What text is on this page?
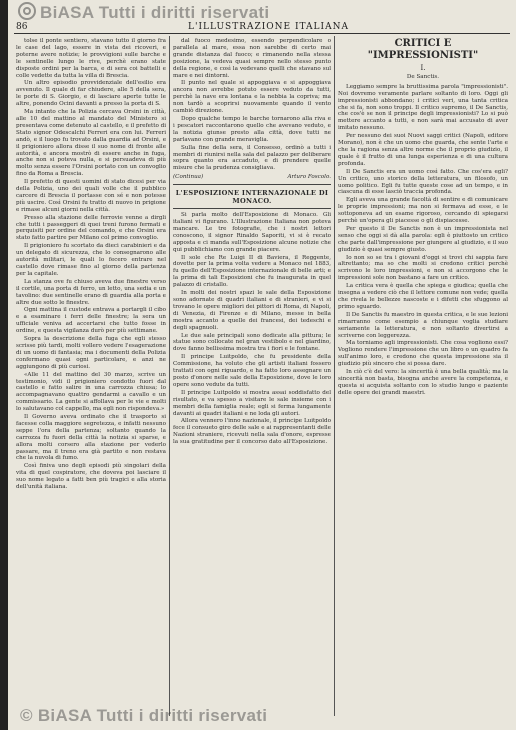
BiASA Tutti i diritti riservati
86	L'ILLUSTRAZIONE ITALIANA

tolse il ponte sentiero, stavano tutto il giorno fra le case del lago, essere in vista dei ricoveri, e poterne avere notizie; le provvigioni sulle barche e le sentinelle lungo le rive, perchè erano state disposte ordini per la barca, e di sera coi battelli e colle vedette da tutta la villa di Brescia.

Un altro episodio provvidenziale dell'esilio era avvenuto. Il quale di far chiudere, alle 5 della sera, le porte di S. Giorgio, e di lasciare aperte tutte le altre, ponendo Ocini davanti a presso la porta di S.

Ma intanto che la Polizia cercava Orsini in città, alle 10 del mattino al mandato del Ministero si presentava come detenuto al castello, e il prefetto di Stato signor Odescalchi Ferreri era con lui. Ferreri andò, e il luogo fu trovato dalla guardia ad Orsini, e il prigioniero allora disse il suo nome di fronte alle autorità, e ancora mostrò di essere anche in fuga, anche non si poteva nulla, e si persuadeva di più molto senza essere l'Orsini portato con un convoglio fino da Roma a Brescia.

Il prefetto di questi uomini di stato dicesi per via della Polizia, uno dei quali volle che il pubblico carcere di Brescia il portasse con sé e non potesse più uscire. Così Orsini fu tratto di nuovo in prigione e rimase alcuni giorni nella città.

Presso alla stazione delle ferrovie venne a dirgli che tutti i passeggeri di quei treni furono fermati e perquisiti per ordine del comando, e che Orsini era stato fatto partire per Milano col primo convoglio.

Il prigioniero fu scortato da dieci carabinieri e da un delegato di sicurezza, che lo consegnarono alle autorità militari, le quali lo fecero entrare nel castello dove rimase fino al giorno della partenza per la capitale.

La stanza ove fu chiuso aveva due finestre verso il cortile, una porta di ferro, un letto, una sedia e un tavolino: due sentinelle erano di guardia alla porta e altre due sotto le finestre.

Ogni mattina il custode entrava a portargli il cibo e a esaminare i ferri delle finestre; la sera un ufficiale veniva ad accertarsi che tutto fosse in ordine, e questa vigilanza durò per più settimane.

Sopra la descrizione della fuga che egli stesso scrisse più tardi, molti vollero vedere l'esagerazione di un uomo di fantasia; ma i documenti della Polizia confermano quasi ogni particolare, e anzi ne aggiungono di più curiosi.

«Alle 11 del mattino del 30 marzo, scrive un testimonio, vidi il prigioniero condotto fuori dal castello e fatto salire in una carrozza chiusa; lo accompagnavano quattro gendarmi a cavallo e un commissario. La gente si affollava per le vie e molti lo salutavano col cappello, ma egli non rispondeva.»

Il Governo aveva ordinato che il trasporto si facesse colla maggiore segretezza, e infatti nessuno seppe l'ora della partenza; soltanto quando la carrozza fu fuori della città la notizia si sparse, e allora molti corsero alla stazione per vederlo passare, ma il treno era già partito e non restava che la nuvola di fumo.

Così finiva uno degli episodi più singolari della vita di quel cospiratore, che doveva poi lasciare il suo nome legato a fatti ben più tragici e alla storia dell'unità italiana.

dal fuoco medesimo, essendo perpendicolare o parallela al mare, essa non sarebbe di certo mai grande distanza dal fuoco; e rimanendo nella stessa posizione, la vedeva quasi sempre nello stesso punto della regione, e così la vedevano quelli che stavano sul mare e nei dintorni.

Il punto nel quale si appoggiava e si appoggiava ancora non avrebbe potuto essere veduto da tutti, perchè la nave era lontana e la nebbia la copriva; ma non tardò a scoprirsi nuovamente quando il vento cambiò direzione.

Dopo qualche tempo le barche tornarono alla riva e i pescatori raccontarono quello che avevano veduto, e la notizia giunse presto alla città, dove tutti ne parlavano con grande meraviglia.

Sulla fine della sera, il Consesso, ordinò a tutti i membri di riunirsi nella sala del palazzo per deliberare sopra quanto era accaduto, e di prendere quelle misure che la prudenza consigliava.

(Continua)	Arturo Foscolo.
L'ESPOSIZIONE INTERNAZIONALE DI MONACO.

Si parla molto dell'Esposizione di Monaco. Gli italiani vi figurano. L'Illustrazione Italiana non poteva mancare. Le tre fotografie, che i nostri lettori conoscono, il signor Rinaldo Saporiti, vi si è recato apposta e ci manda sull'Esposizione alcune notizie che qui pubblichiamo con grande piacere.

Il sole che Re Luigi II di Baviera, il Reggente, dovette per la prima volta vedere a Monaco nel 1883, fu quello dell'Esposizione internazionale di belle arti; e la prima di tali Esposizioni che fu inaugurata in quel palazzo di cristallo.

In molti dei nostri spazi le sale della Esposizione sono adornate di quadri italiani e di stranieri, e vi si trovano le opere migliori dei pittori di Roma, di Napoli, di Venezia, di Firenze e di Milano, messe in bella mostra accanto a quelle dei francesi, dei tedeschi e degli spagnuoli.

Le due sale principali sono dedicate alla pittura; le statue sono collocate nel gran vestibolo e nel giardino, dove fanno bellissima mostra tra i fiori e le fontane.

Il principe Luitpoldo, che fu presidente della Commissione, ha voluto che gli artisti italiani fossero trattati con ogni riguardo, e ha fatto loro assegnare un posto d'onore nelle sale della Esposizione, dove le loro opere sono vedute da tutti.

Il principe Luitpoldo si mostra assai soddisfatto del risultato, e va spesso a visitare le sale insieme con i membri della famiglia reale; egli si ferma lungamente davanti ai quadri italiani e ne loda gli autori.

Allora vennero l'inno nazionale, il principe Luitpoldo fece il consueto giro delle sale e ai rappresentanti delle Nazioni straniere, ricevuti nella sala d'onore, espresse la sua gratitudine per il concorso dato all'Esposizione.

CRITICI E "IMPRESSIONISTI"
I.
De Sanctis.

Leggiamo sempre la bruttissima parola "impressionisti". Noi dovremo veramente parlare soltanto di loro. Oggi gli impressionisti abbondano; i critici veri, una tanta critica che si fa, non sono troppi. Il critico supremo, il De Sanctis, che cos'è se non il principe degli impressionisti? Lo si può mettere accanto a tutti, e non sarà mai accusato di aver imitato nessuno.

Per nessuno dei suoi Nuovi saggi critici (Napoli, editore Morano), non è che un uomo che guarda, che sente l'arte e che la ragiona senza altre norme che il proprio giudizio, il quale è il frutto di una lunga esperienza e di una cultura profonda.

Il De Sanctis era un uomo così fatto. Che cos'era egli? Un critico, uno storico della letteratura, un filosofo, un uomo politico. Egli fu tutte queste cose ad un tempo, e in ciascuna di esse lasciò traccia profonda.

Egli aveva una grande facoltà di sentire e di comunicare le proprie impressioni; ma non si fermava ad esse, e le sottoponeva ad un esame rigoroso, cercando di spiegarsi perchè un'opera gli piacesse o gli dispiacesse.

Per questo il De Sanctis non è un impressionista nel senso che oggi si dà alla parola: egli è piuttosto un critico che parte dall'impressione per giungere al giudizio, e il suo giudizio è quasi sempre giusto.

Io non so se tra i giovani d'oggi si trovi chi sappia fare altrettanto; ma so che molti si credono critici perchè scrivono le loro impressioni, e non si accorgono che le impressioni sole non bastano a fare un critico.

La critica vera è quella che spiega e giudica; quella che insegna a vedere ciò che il lettore comune non vede; quella che rivela le bellezze nascoste e i difetti che sfuggono al primo sguardo.

Il De Sanctis fu maestro in questa critica, e le sue lezioni rimarranno come esempio a chiunque voglia studiare seriamente la letteratura, e non soltanto divertirsi a scriverne con leggerezza.

Ma torniamo agli impressionisti. Che cosa vogliono essi? Vogliono rendere l'impressione che un libro o un quadro fa sull'animo loro, e credono che questa impressione sia il giudizio più sincero che si possa dare.

In ciò c'è del vero: la sincerità è una bella qualità; ma la sincerità non basta, bisogna anche avere la competenza, e questa si acquista soltanto con lo studio lungo e paziente delle opere dei grandi maestri.

© BiASA Tutti i diritti riservati
